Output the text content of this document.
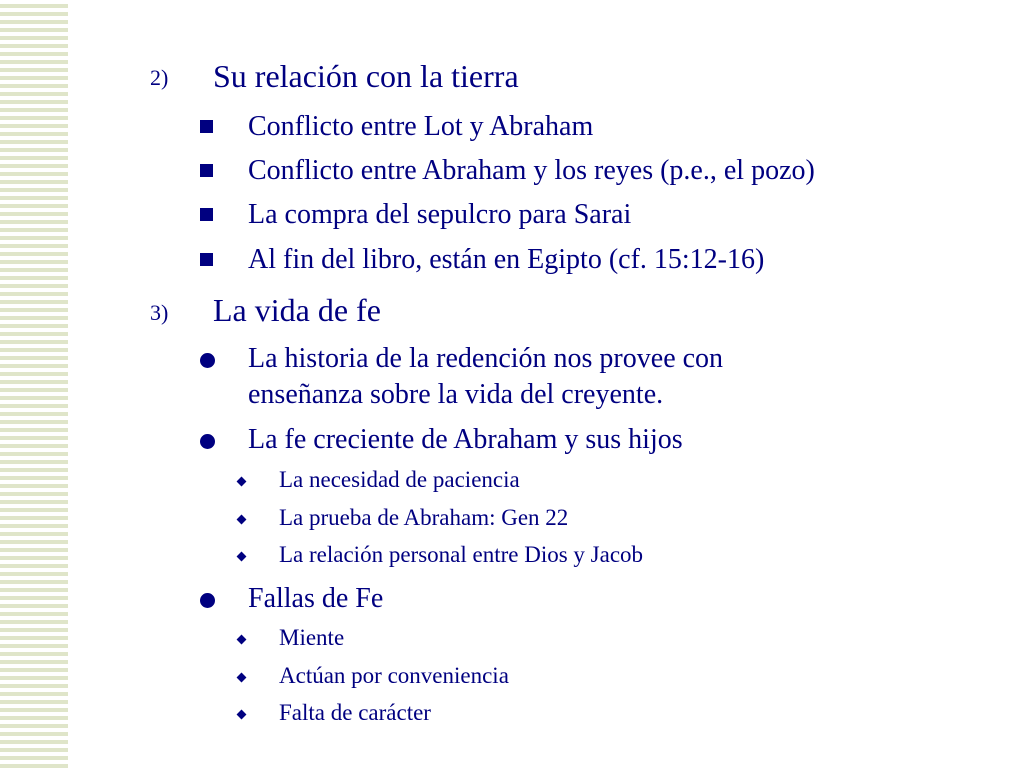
2) Su relación con la tierra
Conflicto entre Lot y Abraham
Conflicto entre Abraham y los reyes (p.e., el pozo)
La compra del sepulcro para Sarai
Al fin del libro, están en Egipto (cf. 15:12-16)
3) La vida de fe
La historia de la redención nos provee con
enseñanza sobre la vida del creyente.
La fe creciente de Abraham y sus hijos
La necesidad de paciencia
La prueba de Abraham: Gen 22
La relación personal entre Dios y Jacob
Fallas de Fe
Miente
Actúan por conveniencia
Falta de carácter
